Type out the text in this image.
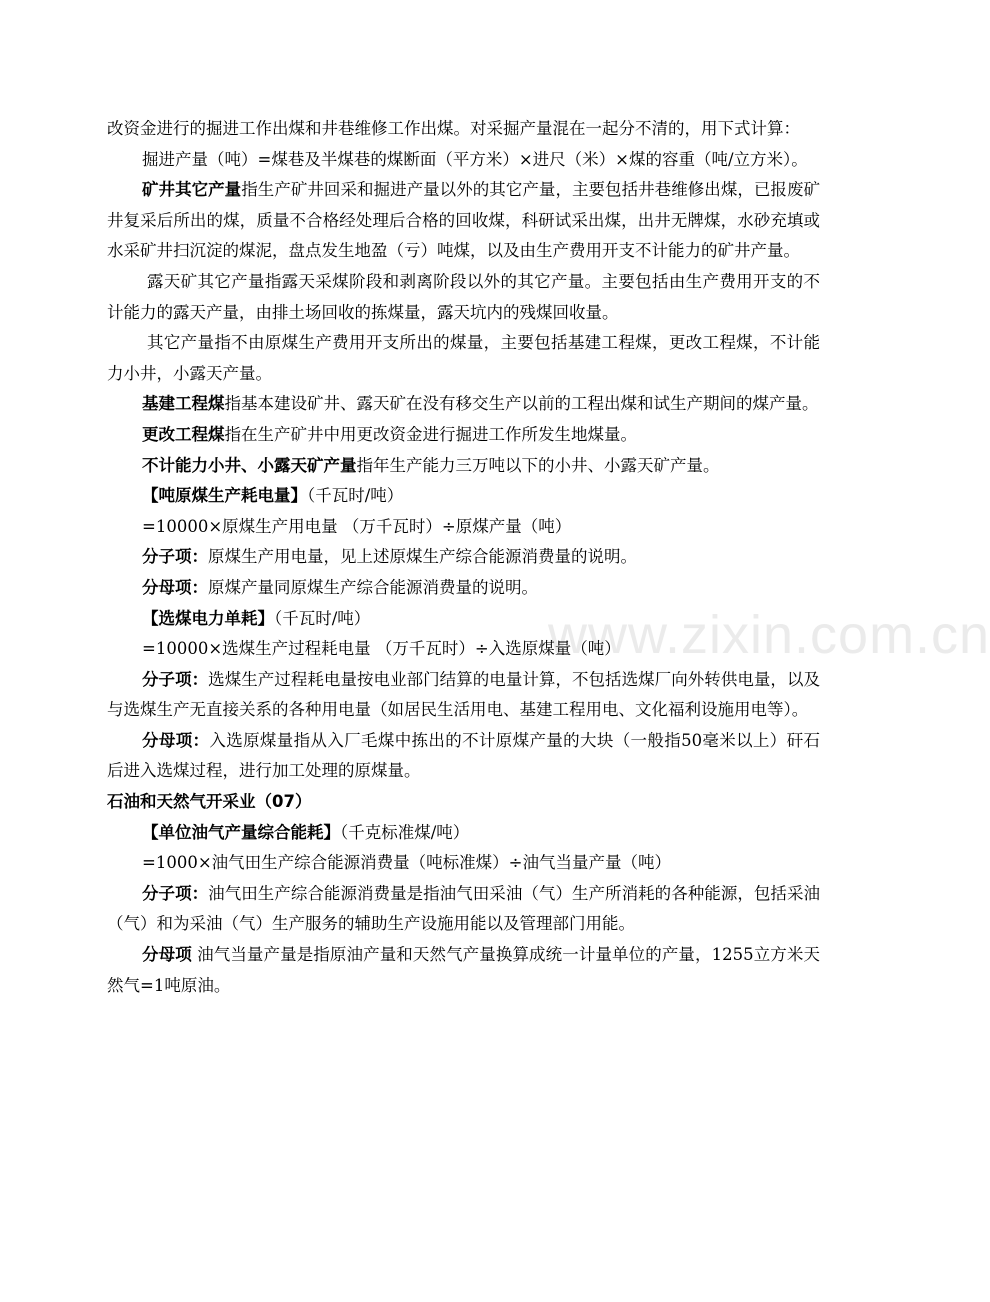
www.zixin.com.cn

改资金进行的掘进工作出煤和井巷维修工作出煤。对采掘产量混在一起分不清的，用下式计算：

掘进产量（吨）=煤巷及半煤巷的煤断面（平方米）×进尺（米）×煤的容重（吨/立方米）。

矿井其它产量指生产矿井回采和掘进产量以外的其它产量，主要包括井巷维修出煤，已报废矿井复采后所出的煤，质量不合格经处理后合格的回收煤，科研试采出煤，出井无牌煤，水砂充填或水采矿井扫沉淀的煤泥，盘点发生地盈（亏）吨煤，以及由生产费用开支不计能力的矿井产量。

露天矿其它产量指露天采煤阶段和剥离阶段以外的其它产量。主要包括由生产费用开支的不计能力的露天产量，由排土场回收的拣煤量，露天坑内的残煤回收量。

其它产量指不由原煤生产费用开支所出的煤量，主要包括基建工程煤，更改工程煤，不计能力小井，小露天产量。

基建工程煤指基本建设矿井、露天矿在没有移交生产以前的工程出煤和试生产期间的煤产量。

更改工程煤指在生产矿井中用更改资金进行掘进工作所发生地煤量。

不计能力小井、小露天矿产量指年生产能力三万吨以下的小井、小露天矿产量。

【吨原煤生产耗电量】（千瓦时/吨）

=10000×原煤生产用电量 （万千瓦时）÷原煤产量（吨）

分子项：原煤生产用电量，见上述原煤生产综合能源消费量的说明。

分母项：原煤产量同原煤生产综合能源消费量的说明。

【选煤电力单耗】（千瓦时/吨）

=10000×选煤生产过程耗电量 （万千瓦时）÷入选原煤量（吨）

分子项：选煤生产过程耗电量按电业部门结算的电量计算，不包括选煤厂向外转供电量，以及与选煤生产无直接关系的各种用电量（如居民生活用电、基建工程用电、文化福利设施用电等）。

分母项：入选原煤量指从入厂毛煤中拣出的不计原煤产量的大块（一般指50毫米以上）矸石后进入选煤过程，进行加工处理的原煤量。

石油和天然气开采业（07）

【单位油气产量综合能耗】（千克标准煤/吨）

=1000×油气田生产综合能源消费量（吨标准煤）÷油气当量产量（吨）

分子项：油气田生产综合能源消费量是指油气田采油（气）生产所消耗的各种能源，包括采油（气）和为采油（气）生产服务的辅助生产设施用能以及管理部门用能。

分母项 油气当量产量是指原油产量和天然气产量换算成统一计量单位的产量，1255立方米天然气=1吨原油。
